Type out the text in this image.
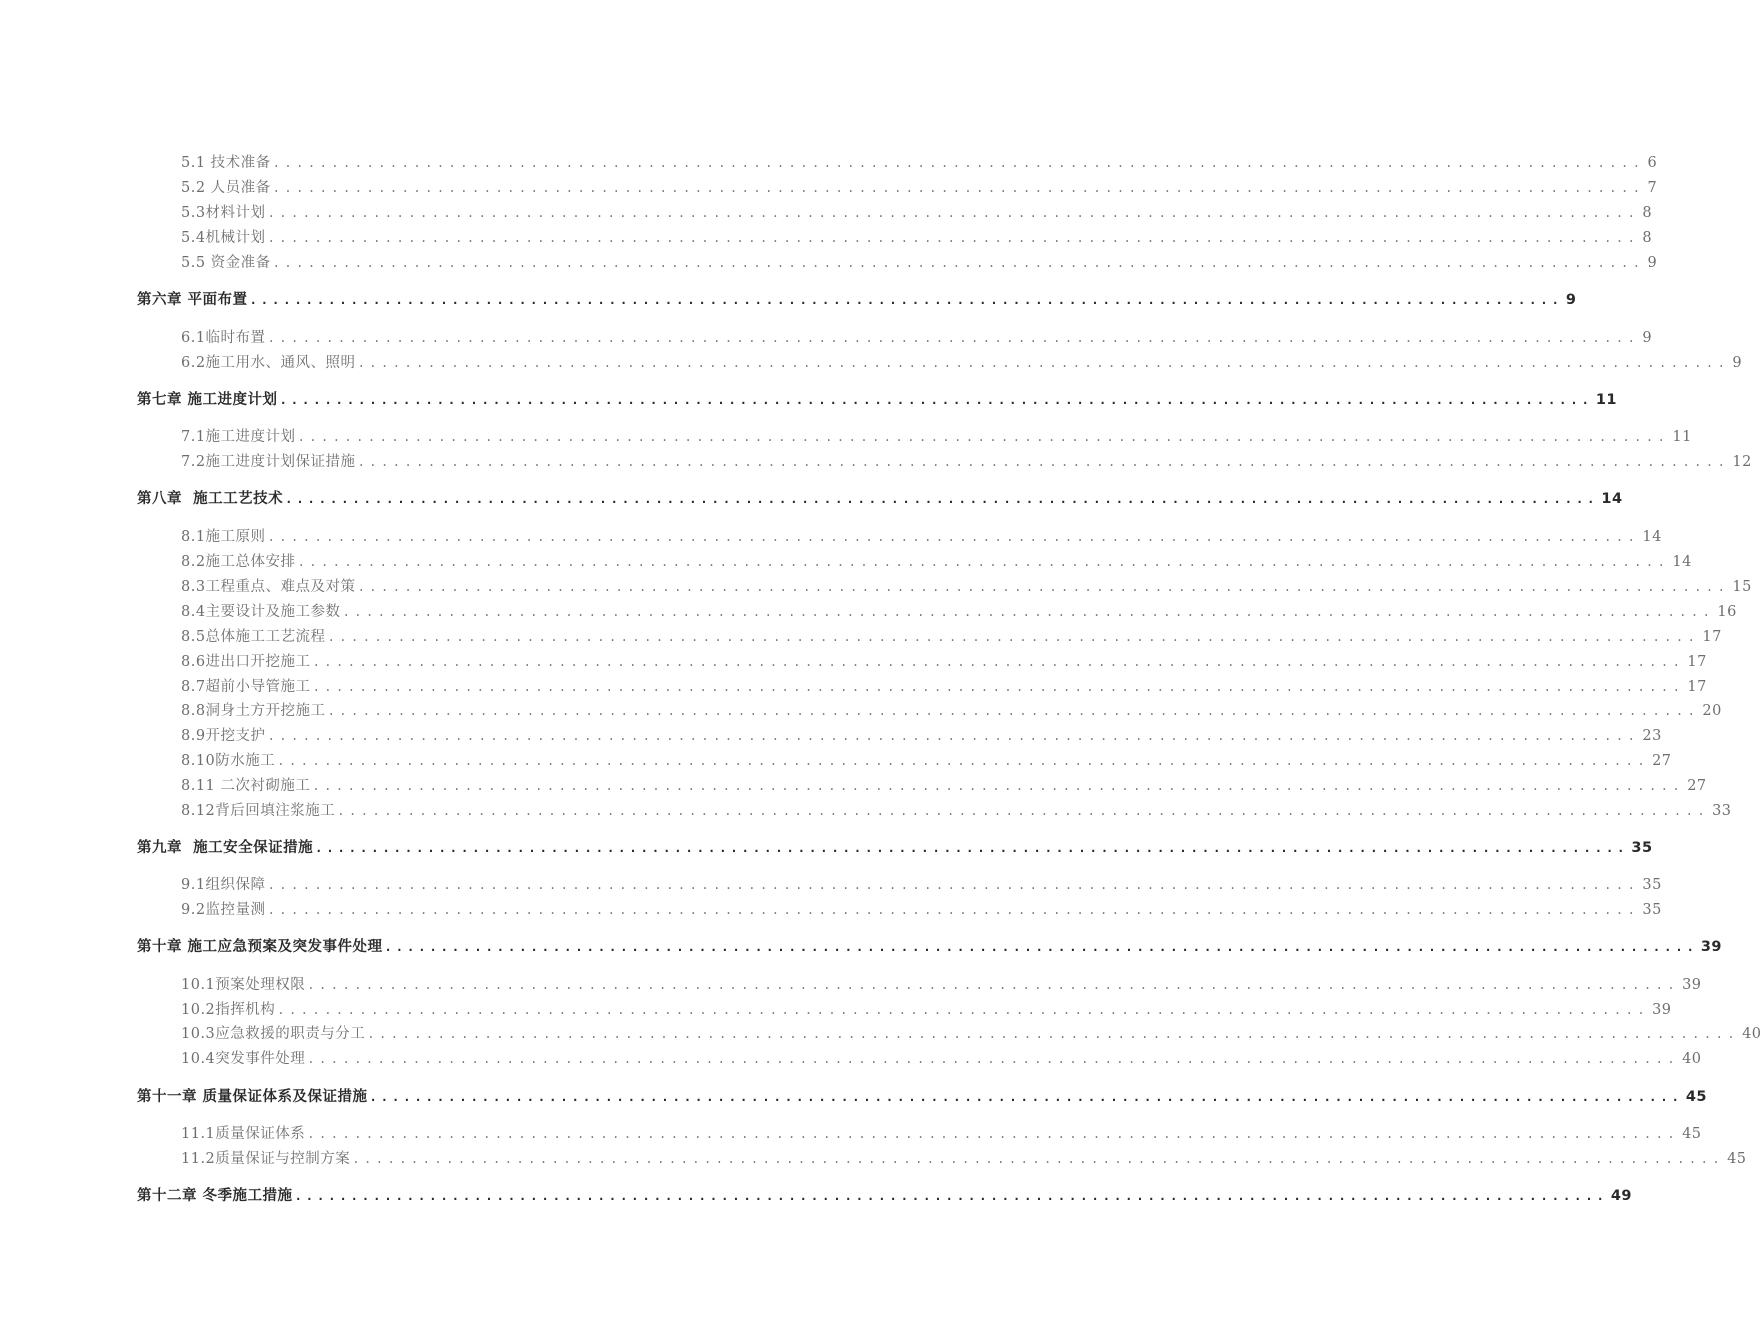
5.1 技术准备 ..................................................................................................................... 6
5.2 人员准备 ..................................................................................................................... 7
5.3材料计划 ..................................................................................................................... 8
5.4机械计划 ..................................................................................................................... 8
5.5 资金准备 ..................................................................................................................... 9
第六章 平面布置 ..................................................................................................................... 9
6.1临时布置 ..................................................................................................................... 9
6.2施工用水、通风、照明 ..................................................................................................................... 9
第七章 施工进度计划 ..................................................................................................................... 11
7.1施工进度计划 ..................................................................................................................... 11
7.2施工进度计划保证措施 ..................................................................................................................... 12
第八章  施工工艺技术 ..................................................................................................................... 14
8.1施工原则 ..................................................................................................................... 14
8.2施工总体安排 ..................................................................................................................... 14
8.3工程重点、难点及对策 ..................................................................................................................... 15
8.4主要设计及施工参数 ..................................................................................................................... 16
8.5总体施工工艺流程 ..................................................................................................................... 17
8.6进出口开挖施工 ..................................................................................................................... 17
8.7超前小导管施工 ..................................................................................................................... 17
8.8洞身土方开挖施工 ..................................................................................................................... 20
8.9开挖支护 ..................................................................................................................... 23
8.10防水施工 ..................................................................................................................... 27
8.11 二次衬砌施工 ..................................................................................................................... 27
8.12背后回填注浆施工 ..................................................................................................................... 33
第九章  施工安全保证措施 ..................................................................................................................... 35
9.1组织保障 ..................................................................................................................... 35
9.2监控量测 ..................................................................................................................... 35
第十章 施工应急预案及突发事件处理 ..................................................................................................................... 39
10.1预案处理权限 ..................................................................................................................... 39
10.2指挥机构 ..................................................................................................................... 39
10.3应急救援的职责与分工 ..................................................................................................................... 40
10.4突发事件处理 ..................................................................................................................... 40
第十一章 质量保证体系及保证措施 ..................................................................................................................... 45
11.1质量保证体系 ..................................................................................................................... 45
11.2质量保证与控制方案 ..................................................................................................................... 45
第十二章 冬季施工措施 ..................................................................................................................... 49
